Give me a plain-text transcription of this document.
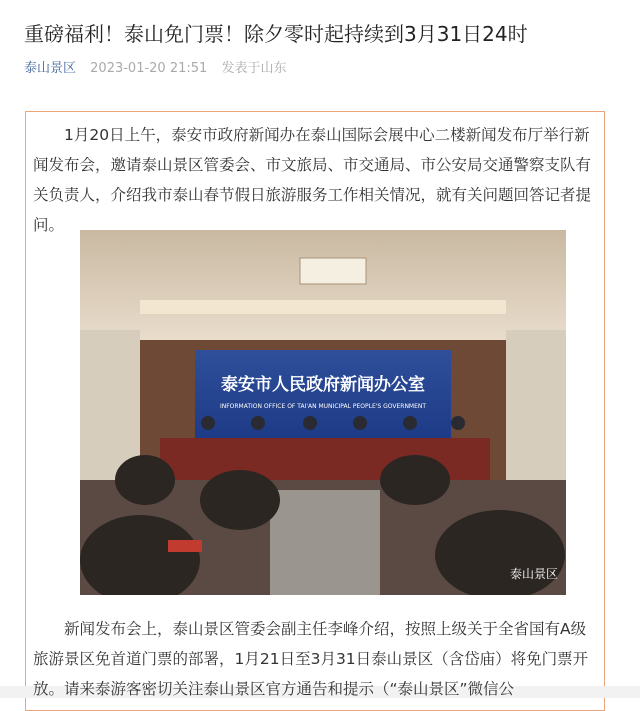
重磅福利！泰山免门票！除夕零时起持续到3月31日24时
泰山景区 2023-01-20 21:51 发表于山东
1月20日上午，泰安市政府新闻办在泰山国际会展中心二楼新闻发布厅举行新闻发布会，邀请泰山景区管委会、市文旅局、市交通局、市公安局交通警察支队有关负责人，介绍我市泰山春节假日旅游服务工作相关情况，就有关问题回答记者提问。
泰安市人民政府新闻办公室
INFORMATION OFFICE OF TAI'AN MUNICIPAL PEOPLE'S GOVERNMENT
泰山景区
新闻发布会上，泰山景区管委会副主任李峰介绍，按照上级关于全省国有A级旅游景区免首道门票的部署，1月21日至3月31日泰山景区（含岱庙）将免门票开放。请来泰游客密切关注泰山景区官方通告和提示（“泰山景区”微信公
